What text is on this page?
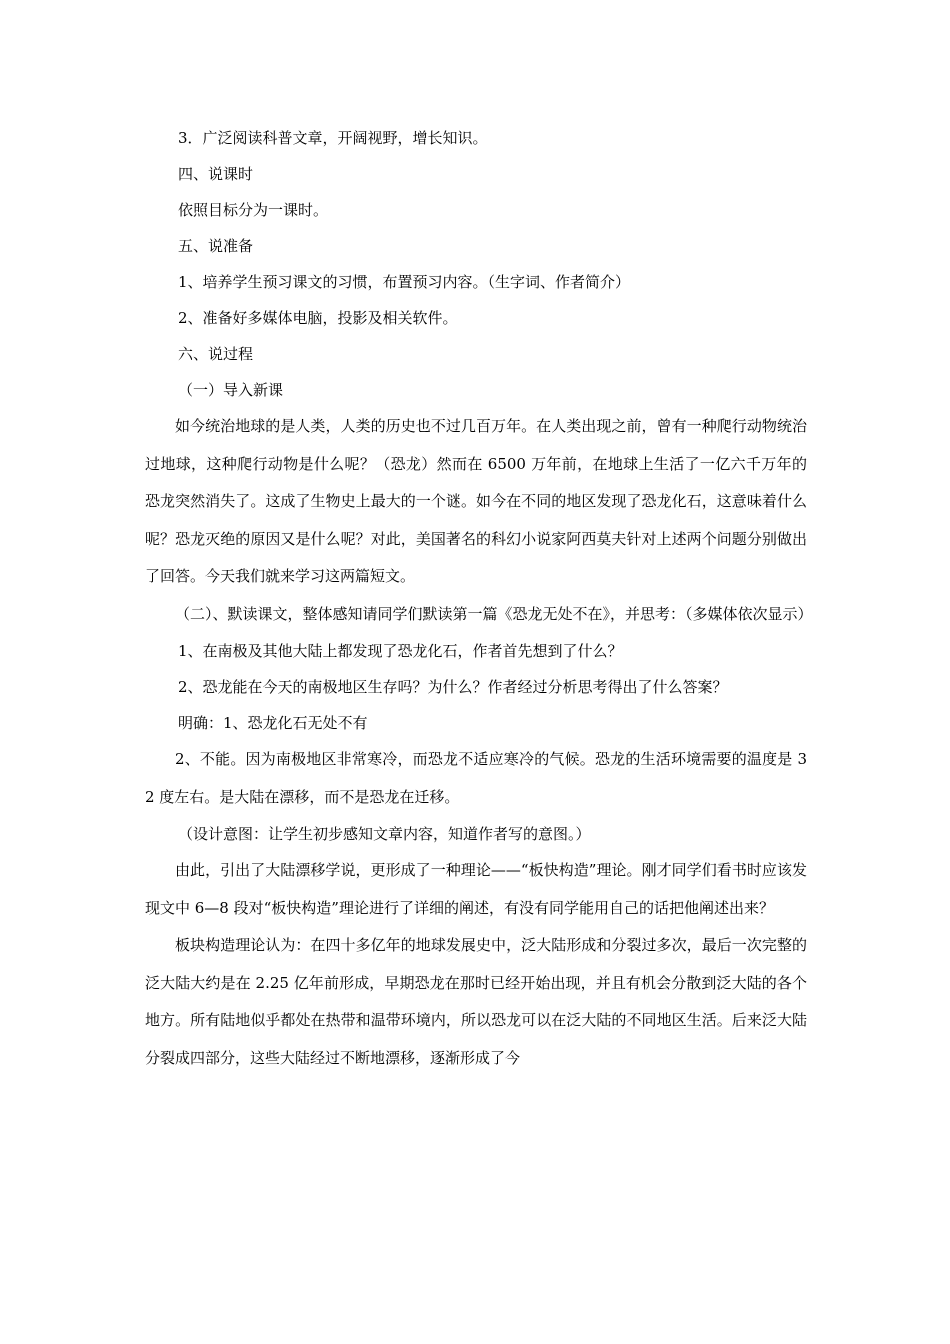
3．广泛阅读科普文章，开阔视野，增长知识。

四、说课时

依照目标分为一课时。

五、说准备

1、培养学生预习课文的习惯，布置预习内容。（生字词、作者简介）

2、准备好多媒体电脑，投影及相关软件。

六、说过程

（一）导入新课

如今统治地球的是人类，人类的历史也不过几百万年。在人类出现之前，曾有一种爬行动物统治过地球，这种爬行动物是什么呢？（恐龙）然而在 6500 万年前，在地球上生活了一亿六千万年的恐龙突然消失了。这成了生物史上最大的一个谜。如今在不同的地区发现了恐龙化石，这意味着什么呢？恐龙灭绝的原因又是什么呢？对此，美国著名的科幻小说家阿西莫夫针对上述两个问题分别做出了回答。今天我们就来学习这两篇短文。

（二）、默读课文，整体感知请同学们默读第一篇《恐龙无处不在》，并思考：（多媒体依次显示）

1、在南极及其他大陆上都发现了恐龙化石，作者首先想到了什么？

2、恐龙能在今天的南极地区生存吗？为什么？作者经过分析思考得出了什么答案？

明确：1、恐龙化石无处不有

2、不能。因为南极地区非常寒冷，而恐龙不适应寒冷的气候。恐龙的生活环境需要的温度是 32 度左右。是大陆在漂移，而不是恐龙在迁移。

（设计意图：让学生初步感知文章内容，知道作者写的意图。）

由此，引出了大陆漂移学说，更形成了一种理论——“板快构造”理论。刚才同学们看书时应该发现文中 6—8 段对“板快构造”理论进行了详细的阐述，有没有同学能用自己的话把他阐述出来？

板块构造理论认为：在四十多亿年的地球发展史中，泛大陆形成和分裂过多次，最后一次完整的泛大陆大约是在 2.25 亿年前形成，早期恐龙在那时已经开始出现，并且有机会分散到泛大陆的各个地方。所有陆地似乎都处在热带和温带环境内，所以恐龙可以在泛大陆的不同地区生活。后来泛大陆分裂成四部分，这些大陆经过不断地漂移，逐渐形成了今
